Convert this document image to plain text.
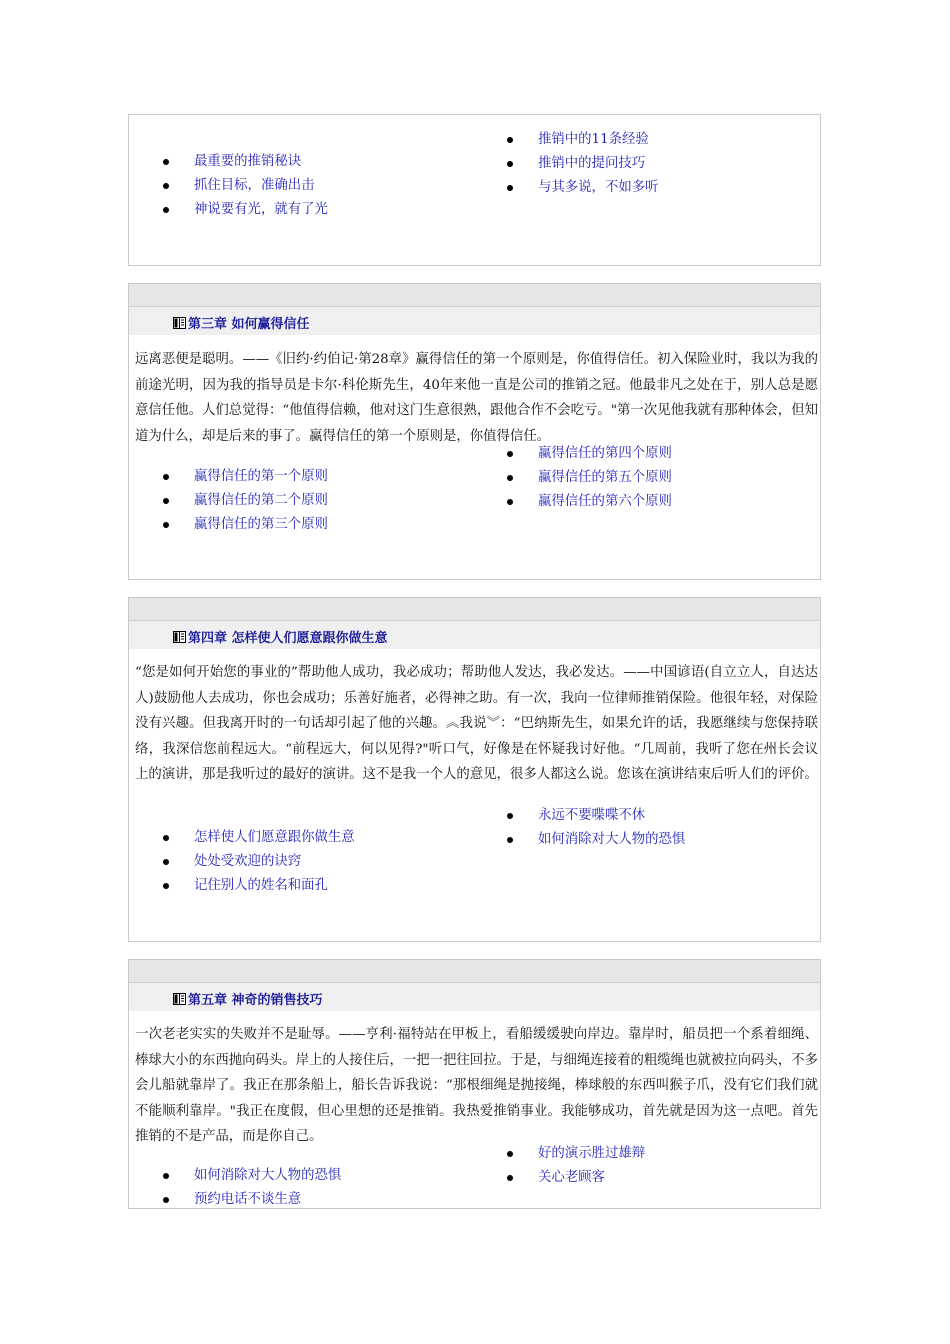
最重要的推销秘诀
抓住目标，准确出击
神说要有光，就有了光
推销中的11条经验
推销中的提问技巧
与其多说，不如多听
第三章 如何赢得信任
远离恶便是聪明。——《旧约·约伯记·第28章》赢得信任的第一个原则是，你值得信任。初入保险业时，我以为我的前途光明，因为我的指导员是卡尔·科伦斯先生，40年来他一直是公司的推销之冠。他最非凡之处在于，别人总是愿意信任他。人们总觉得：“他值得信赖，他对这门生意很熟，跟他合作不会吃亏。"第一次见他我就有那种体会，但知道为什么，却是后来的事了。赢得信任的第一个原则是，你值得信任。
赢得信任的第一个原则
赢得信任的第二个原则
赢得信任的第三个原则
赢得信任的第四个原则
赢得信任的第五个原则
赢得信任的第六个原则
第四章 怎样使人们愿意跟你做生意
“您是如何开始您的事业的”帮助他人成功，我必成功；帮助他人发达，我必发达。——中国谚语(自立立人，自达达人)鼓励他人去成功，你也会成功；乐善好施者，必得神之助。有一次，我向一位律师推销保险。他很年轻，对保险没有兴趣。但我离开时的一句话却引起了他的兴趣。︽我说︾：“巴纳斯先生，如果允许的话，我愿继续与您保持联络，我深信您前程远大。“前程远大，何以见得?"听口气，好像是在怀疑我讨好他。“几周前，我听了您在州长会议上的演讲，那是我听过的最好的演讲。这不是我一个人的意见，很多人都这么说。您该在演讲结束后听人们的评价。
怎样使人们愿意跟你做生意
处处受欢迎的诀窍
记住别人的姓名和面孔
永远不要喋喋不休
如何消除对大人物的恐惧
第五章 神奇的销售技巧
一次老老实实的失败并不是耻辱。——亨利·福特站在甲板上，看船缓缓驶向岸边。靠岸时，船员把一个系着细绳、棒球大小的东西抛向码头。岸上的人接住后，一把一把往回拉。于是，与细绳连接着的粗缆绳也就被拉向码头，不多会儿船就靠岸了。我正在那条船上，船长告诉我说：“那根细绳是抛接绳，棒球般的东西叫猴子爪，没有它们我们就不能顺利靠岸。"我正在度假，但心里想的还是推销。我热爱推销事业。我能够成功，首先就是因为这一点吧。首先推销的不是产品，而是你自己。
如何消除对大人物的恐惧
预约电话不谈生意
好的演示胜过雄辩
关心老顾客
